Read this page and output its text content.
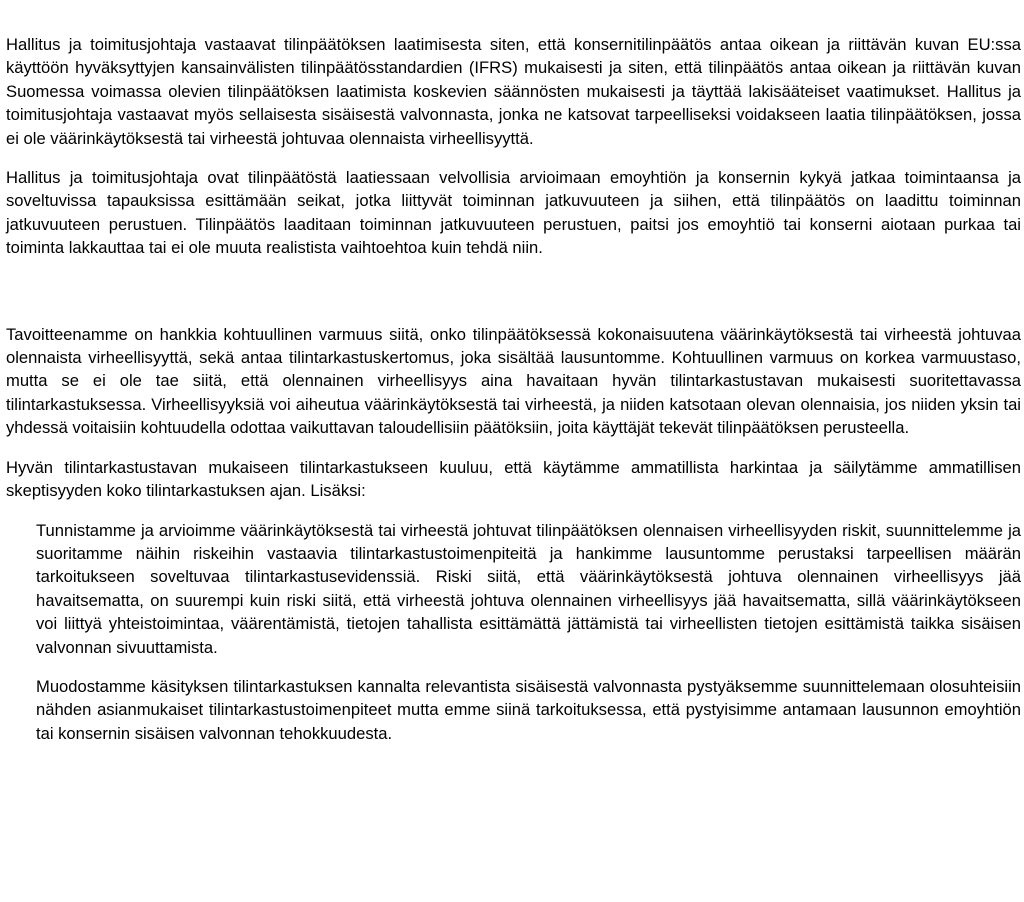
Hallitus ja toimitusjohtaja vastaavat tilinpäätöksen laatimisesta siten, että konsernitilinpäätös antaa oikean ja riittävän kuvan EU:ssa käyttöön hyväksyttyjen kansainvälisten tilinpäätösstandardien (IFRS) mukaisesti ja siten, että tilinpäätös antaa oikean ja riittävän kuvan Suomessa voimassa olevien tilinpäätöksen laatimista koskevien säännösten mukaisesti ja täyttää lakisääteiset vaatimukset. Hallitus ja toimitusjohtaja vastaavat myös sellaisesta sisäisestä valvonnasta, jonka ne katsovat tarpeelliseksi voidakseen laatia tilinpäätöksen, jossa ei ole väärinkäytöksestä tai virheestä johtuvaa olennaista virheellisyyttä.

Hallitus ja toimitusjohtaja ovat tilinpäätöstä laatiessaan velvollisia arvioimaan emoyhtiön ja konsernin kykyä jatkaa toimintaansa ja soveltuvissa tapauksissa esittämään seikat, jotka liittyvät toiminnan jatkuvuuteen ja siihen, että tilinpäätös on laadittu toiminnan jatkuvuuteen perustuen. Tilinpäätös laaditaan toiminnan jatkuvuuteen perustuen, paitsi jos emoyhtiö tai konserni aiotaan purkaa tai toiminta lakkauttaa tai ei ole muuta realistista vaihtoehtoa kuin tehdä niin.

Tavoitteenamme on hankkia kohtuullinen varmuus siitä, onko tilinpäätöksessä kokonaisuutena väärinkäytöksestä tai virheestä johtuvaa olennaista virheellisyyttä, sekä antaa tilintarkastuskertomus, joka sisältää lausuntomme. Kohtuullinen varmuus on korkea varmuustaso, mutta se ei ole tae siitä, että olennainen virheellisyys aina havaitaan hyvän tilintarkastustavan mukaisesti suoritettavassa tilintarkastuksessa. Virheellisyyksiä voi aiheutua väärinkäytöksestä tai virheestä, ja niiden katsotaan olevan olennaisia, jos niiden yksin tai yhdessä voitaisiin kohtuudella odottaa vaikuttavan taloudellisiin päätöksiin, joita käyttäjät tekevät tilinpäätöksen perusteella.

Hyvän tilintarkastustavan mukaiseen tilintarkastukseen kuuluu, että käytämme ammatillista harkintaa ja säilytämme ammatillisen skeptisyyden koko tilintarkastuksen ajan. Lisäksi:

Tunnistamme ja arvioimme väärinkäytöksestä tai virheestä johtuvat tilinpäätöksen olennaisen virheellisyyden riskit, suunnittelemme ja suoritamme näihin riskeihin vastaavia tilintarkastustoimenpiteitä ja hankimme lausuntomme perustaksi tarpeellisen määrän tarkoitukseen soveltuvaa tilintarkastusevidenssiä. Riski siitä, että väärinkäytöksestä johtuva olennainen virheellisyys jää havaitsematta, on suurempi kuin riski siitä, että virheestä johtuva olennainen virheellisyys jää havaitsematta, sillä väärinkäytökseen voi liittyä yhteistoimintaa, väärentämistä, tietojen tahallista esittämättä jättämistä tai virheellisten tietojen esittämistä taikka sisäisen valvonnan sivuuttamista.

Muodostamme käsityksen tilintarkastuksen kannalta relevantista sisäisestä valvonnasta pystyäksemme suunnittelemaan olosuhteisiin nähden asianmukaiset tilintarkastustoimenpiteet mutta emme siinä tarkoituksessa, että pystyisimme antamaan lausunnon emoyhtiön tai konsernin sisäisen valvonnan tehokkuudesta.
